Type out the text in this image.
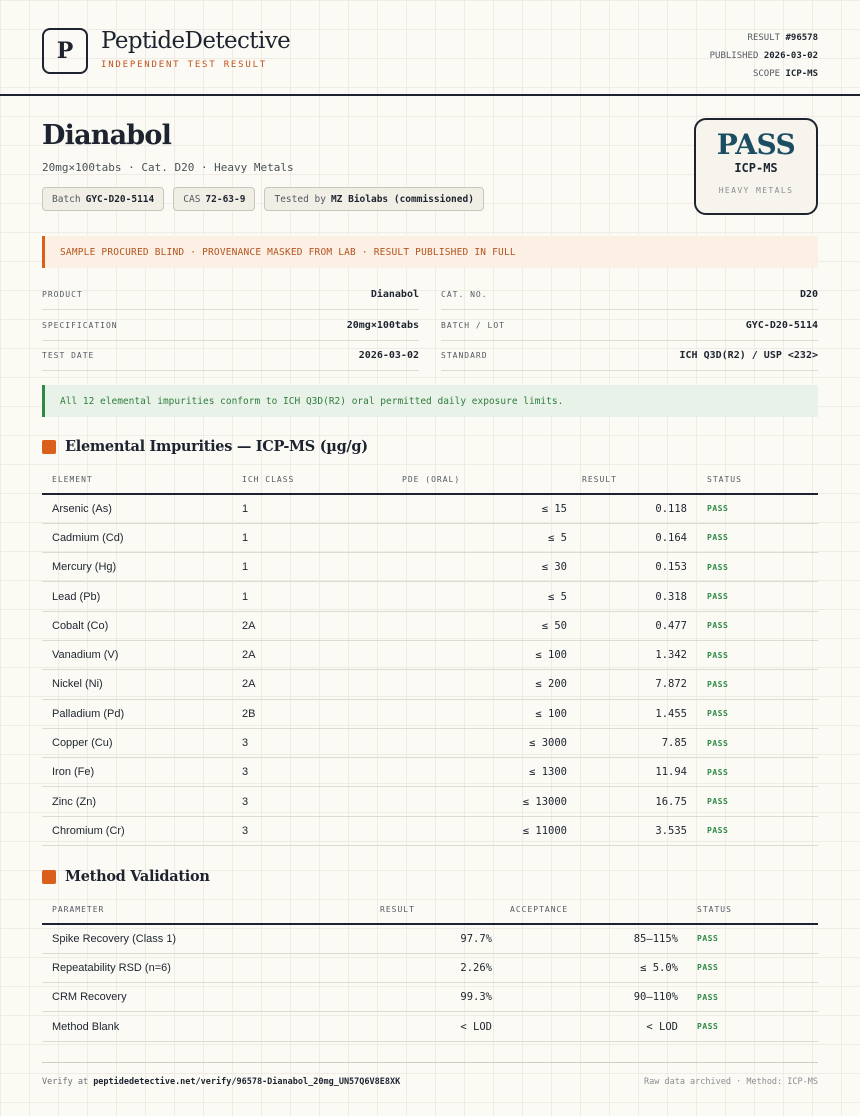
P	PeptideDetective
INDEPENDENT TEST RESULT
RESULT #96578
PUBLISHED 2026-03-02
SCOPE ICP-MS
Dianabol
20mg×100tabs · Cat. D20 · Heavy Metals
Batch GYC-D20-5114	CAS 72-63-9	Tested by MZ Biolabs (commissioned)
PASS
ICP-MS
HEAVY METALS
SAMPLE PROCURED BLIND · PROVENANCE MASKED FROM LAB · RESULT PUBLISHED IN FULL
PRODUCT	Dianabol	CAT. NO.	D20
SPECIFICATION	20mg×100tabs	BATCH / LOT	GYC-D20-5114
TEST DATE	2026-03-02	STANDARD	ICH Q3D(R2) / USP <232>
All 12 elemental impurities conform to ICH Q3D(R2) oral permitted daily exposure limits.
Elemental Impurities — ICP-MS (µg/g)
ELEMENT	ICH CLASS	PDE (ORAL)	RESULT	STATUS
Arsenic (As)	1	≤ 15	0.118	PASS
Cadmium (Cd)	1	≤ 5	0.164	PASS
Mercury (Hg)	1	≤ 30	0.153	PASS
Lead (Pb)	1	≤ 5	0.318	PASS
Cobalt (Co)	2A	≤ 50	0.477	PASS
Vanadium (V)	2A	≤ 100	1.342	PASS
Nickel (Ni)	2A	≤ 200	7.872	PASS
Palladium (Pd)	2B	≤ 100	1.455	PASS
Copper (Cu)	3	≤ 3000	7.85	PASS
Iron (Fe)	3	≤ 1300	11.94	PASS
Zinc (Zn)	3	≤ 13000	16.75	PASS
Chromium (Cr)	3	≤ 11000	3.535	PASS
Method Validation
PARAMETER	RESULT	ACCEPTANCE	STATUS
Spike Recovery (Class 1)	97.7%	85–115%	PASS
Repeatability RSD (n=6)	2.26%	≤ 5.0%	PASS
CRM Recovery	99.3%	90–110%	PASS
Method Blank	< LOD	< LOD	PASS
Verify at peptidedetective.net/verify/96578-Dianabol_20mg_UN57Q6V8E8XK	Raw data archived · Method: ICP-MS
